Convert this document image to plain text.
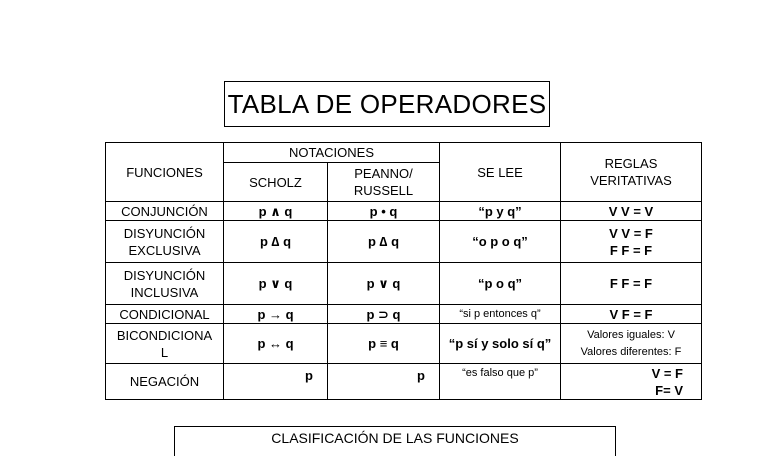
TABLA DE OPERADORES
FUNCIONES	NOTACIONES		SE LEE	REGLAS
VERITATIVAS

	SCHOLZ	PEANNO/
RUSSELL		

CONJUNCIÓN	p ∧ q	p • q	“p y q”	V V = V

DISYUNCIÓN
EXCLUSIVA	p ∆ q	p ∆ q	“o p o q”	V V = F
F F = F

DISYUNCIÓN
INCLUSIVA	p ∨ q	p ∨ q	“p o q”	F F = F
CONDICIONAL	p → q	p ⊃ q	“si p entonces q”	V F = F

BICONDICIONA
L	p ↔ q	p ≡ q	“p sí y solo sí q”	Valores iguales: V
Valores diferentes: F

NEGACIÓN	p	p	“es falso que p”	V = F
F= V
CLASIFICACIÓN DE LAS FUNCIONES
